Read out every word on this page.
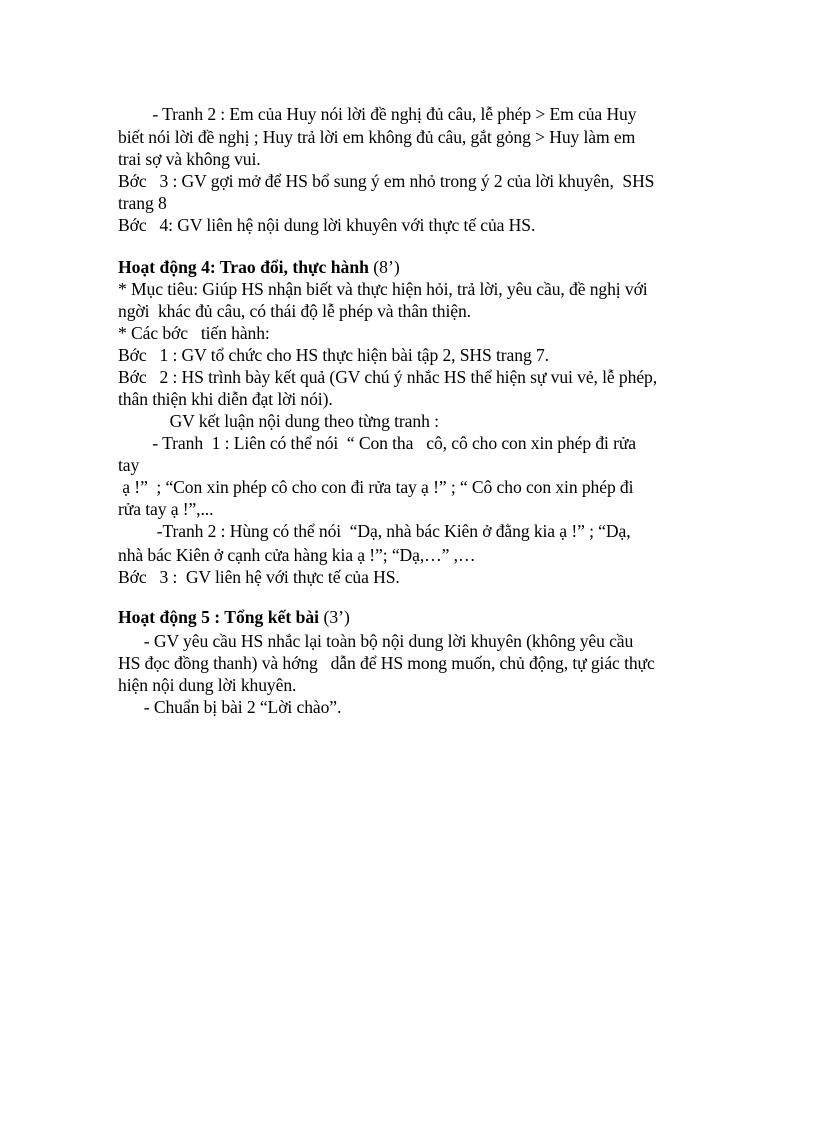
- Tranh 2 : Em của Huy nói lời đề nghị đủ câu, lễ phép > Em của Huy
biết nói lời đề nghị ; Huy trả lời em không đủ câu, gắt gỏng > Huy làm em
trai sợ và không vui.
Bớc   3 : GV gợi mở để HS bổ sung ý em nhỏ trong ý 2 của lời khuyên,  SHS
trang 8
Bớc   4: GV liên hệ nội dung lời khuyên với thực tế của HS.
Hoạt động 4: Trao đổi, thực hành (8’)
* Mục tiêu: Giúp HS nhận biết và thực hiện hỏi, trả lời, yêu cầu, đề nghị với
ngời  khác đủ câu, có thái độ lễ phép và thân thiện.
* Các bớc   tiến hành:
Bớc   1 : GV tổ chức cho HS thực hiện bài tập 2, SHS trang 7.
Bớc   2 : HS trình bày kết quả (GV chú ý nhắc HS thể hiện sự vui vẻ, lễ phép,
thân thiện khi diễn đạt lời nói).
GV kết luận nội dung theo từng tranh :
- Tranh  1 : Liên có thể nói  “ Con tha   cô, cô cho con xin phép đi rửa
tay
ạ !”  ; “Con xin phép cô cho con đi rửa tay ạ !” ; “ Cô cho con xin phép đi
rửa tay ạ !”,...
-Tranh 2 : Hùng có thể nói  “Dạ, nhà bác Kiên ở đằng kia ạ !” ; “Dạ,
nhà bác Kiên ở cạnh cửa hàng kia ạ !”; “Dạ,…” ,…
Bớc   3 :  GV liên hệ với thực tế của HS.
Hoạt động 5 : Tổng kết bài (3’)
- GV yêu cầu HS nhắc lại toàn bộ nội dung lời khuyên (không yêu cầu
HS đọc đồng thanh) và hớng   dẫn để HS mong muốn, chủ động, tự giác thực
hiện nội dung lời khuyên.
- Chuẩn bị bài 2 “Lời chào”.
